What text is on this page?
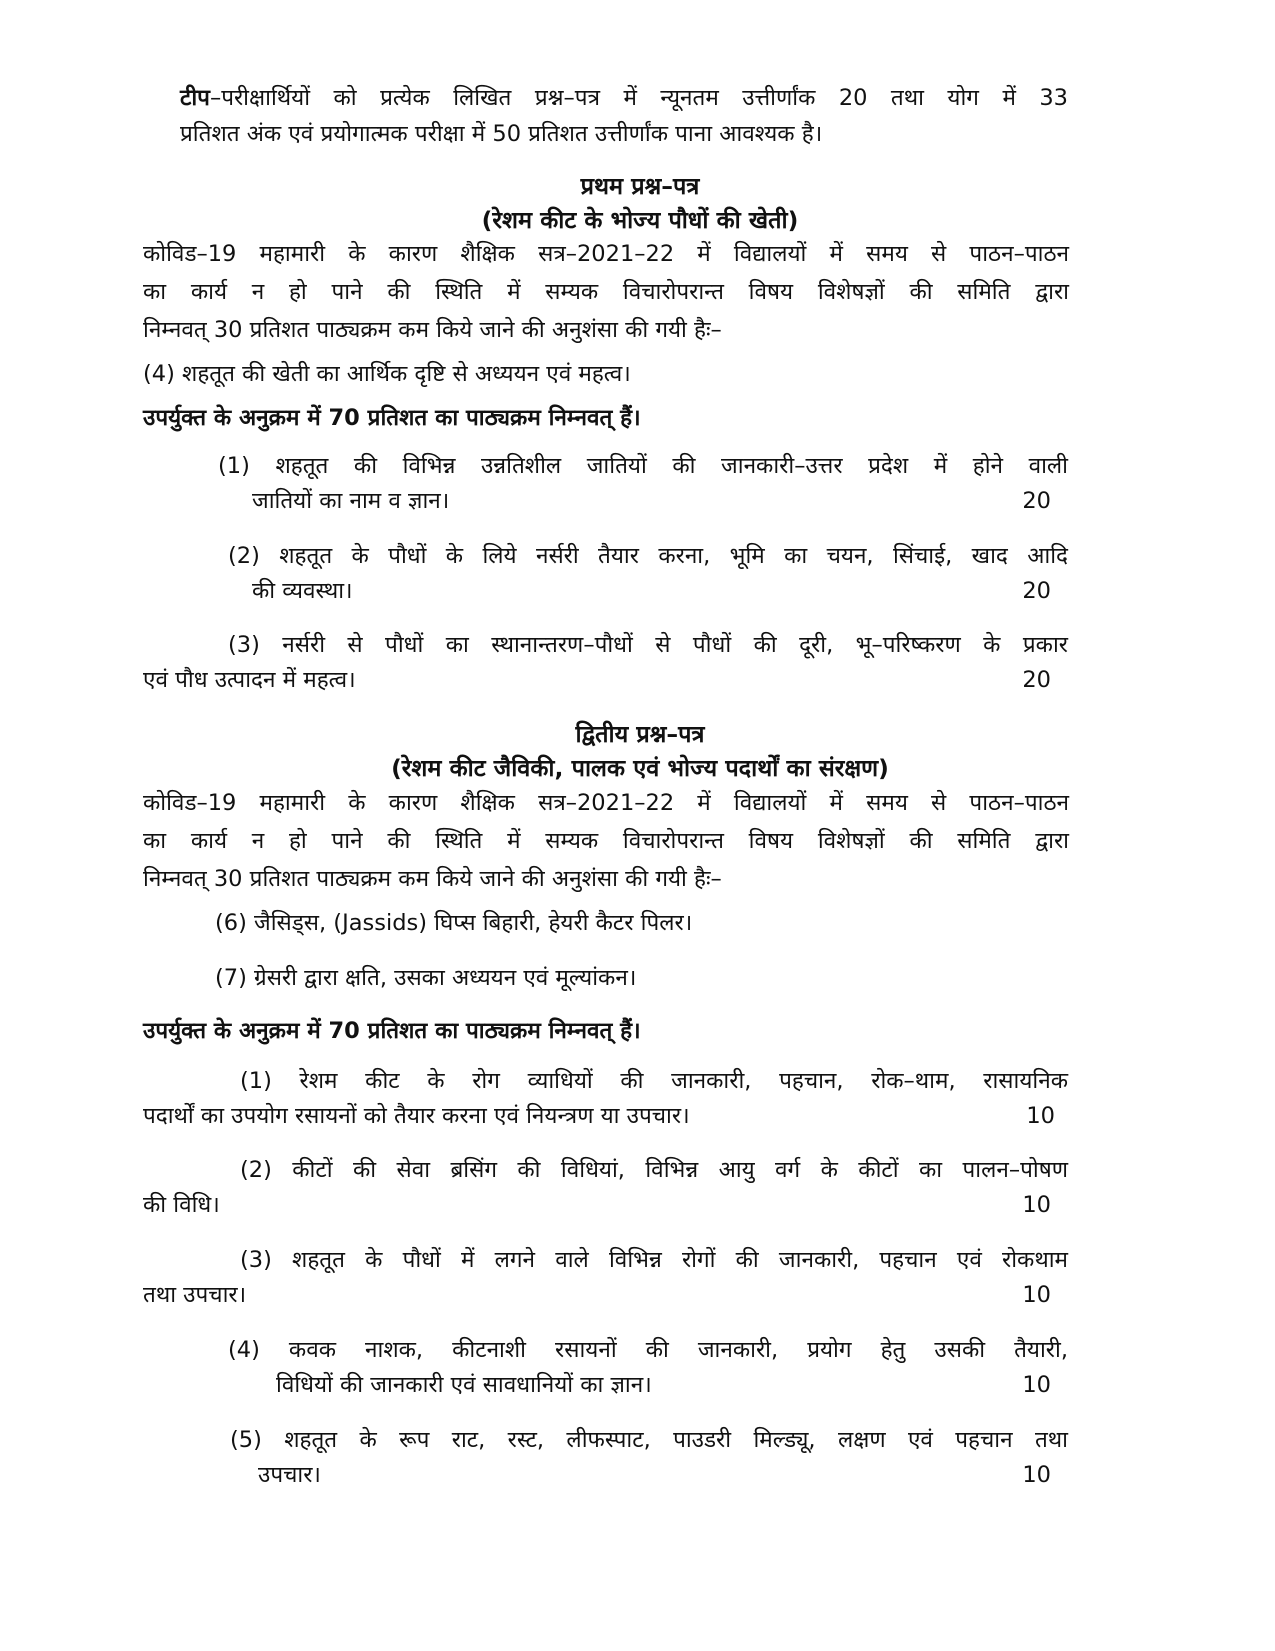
टीप–परीक्षार्थियों को प्रत्येक लिखित प्रश्न–पत्र में न्यूनतम उत्तीर्णांक 20 तथा योग में 33
प्रतिशत अंक एवं प्रयोगात्मक परीक्षा में 50 प्रतिशत उत्तीर्णांक पाना आवश्यक है।
प्रथम प्रश्न–पत्र
(रेशम कीट के भोज्य पौधों की खेती)
कोविड–19 महामारी के कारण शैक्षिक सत्र–2021–22 में विद्यालयों में समय से पाठन–पाठन
का कार्य न हो पाने की स्थिति में सम्यक विचारोपरान्त विषय विशेषज्ञों की समिति द्वारा
निम्नवत् 30 प्रतिशत पाठ्यक्रम कम किये जाने की अनुशंसा की गयी हैः–
(4) शहतूत की खेती का आर्थिक दृष्टि से अध्ययन एवं महत्व।
उपर्युक्त के अनुक्रम में 70 प्रतिशत का पाठ्यक्रम निम्नवत् हैं।
(1) शहतूत की विभिन्न उन्नतिशील जातियों की जानकारी–उत्तर प्रदेश में होने वाली
जातियों का नाम व ज्ञान।	20
(2) शहतूत के पौधों के लिये नर्सरी तैयार करना, भूमि का चयन, सिंचाई, खाद आदि
की व्यवस्था।	20
(3) नर्सरी से पौधों का स्थानान्तरण–पौधों से पौधों की दूरी, भू–परिष्करण के प्रकार
एवं पौध उत्पादन में महत्व।	20
द्वितीय प्रश्न–पत्र
(रेशम कीट जैविकी, पालक एवं भोज्य पदार्थों का संरक्षण)
कोविड–19 महामारी के कारण शैक्षिक सत्र–2021–22 में विद्यालयों में समय से पाठन–पाठन
का कार्य न हो पाने की स्थिति में सम्यक विचारोपरान्त विषय विशेषज्ञों की समिति द्वारा
निम्नवत् 30 प्रतिशत पाठ्यक्रम कम किये जाने की अनुशंसा की गयी हैः–
(6) जैसिड्स, (Jassids) घिप्स बिहारी, हेयरी कैटर पिलर।
(7) ग्रेसरी द्वारा क्षति, उसका अध्ययन एवं मूल्यांकन।
उपर्युक्त के अनुक्रम में 70 प्रतिशत का पाठ्यक्रम निम्नवत् हैं।
(1) रेशम कीट के रोग व्याधियों की जानकारी, पहचान, रोक–थाम, रासायनिक
पदार्थों का उपयोग रसायनों को तैयार करना एवं नियन्त्रण या उपचार।	10
(2) कीटों की सेवा ब्रसिंग की विधियां, विभिन्न आयु वर्ग के कीटों का पालन–पोषण
की विधि।	10
(3) शहतूत के पौधों में लगने वाले विभिन्न रोगों की जानकारी, पहचान एवं रोकथाम
तथा उपचार।	10
(4) कवक नाशक, कीटनाशी रसायनों की जानकारी, प्रयोग हेतु उसकी तैयारी,
विधियों की जानकारी एवं सावधानियों का ज्ञान।	10
(5) शहतूत के रूप राट, रस्ट, लीफस्पाट, पाउडरी मिल्ड्यू, लक्षण एवं पहचान तथा
उपचार।	10
